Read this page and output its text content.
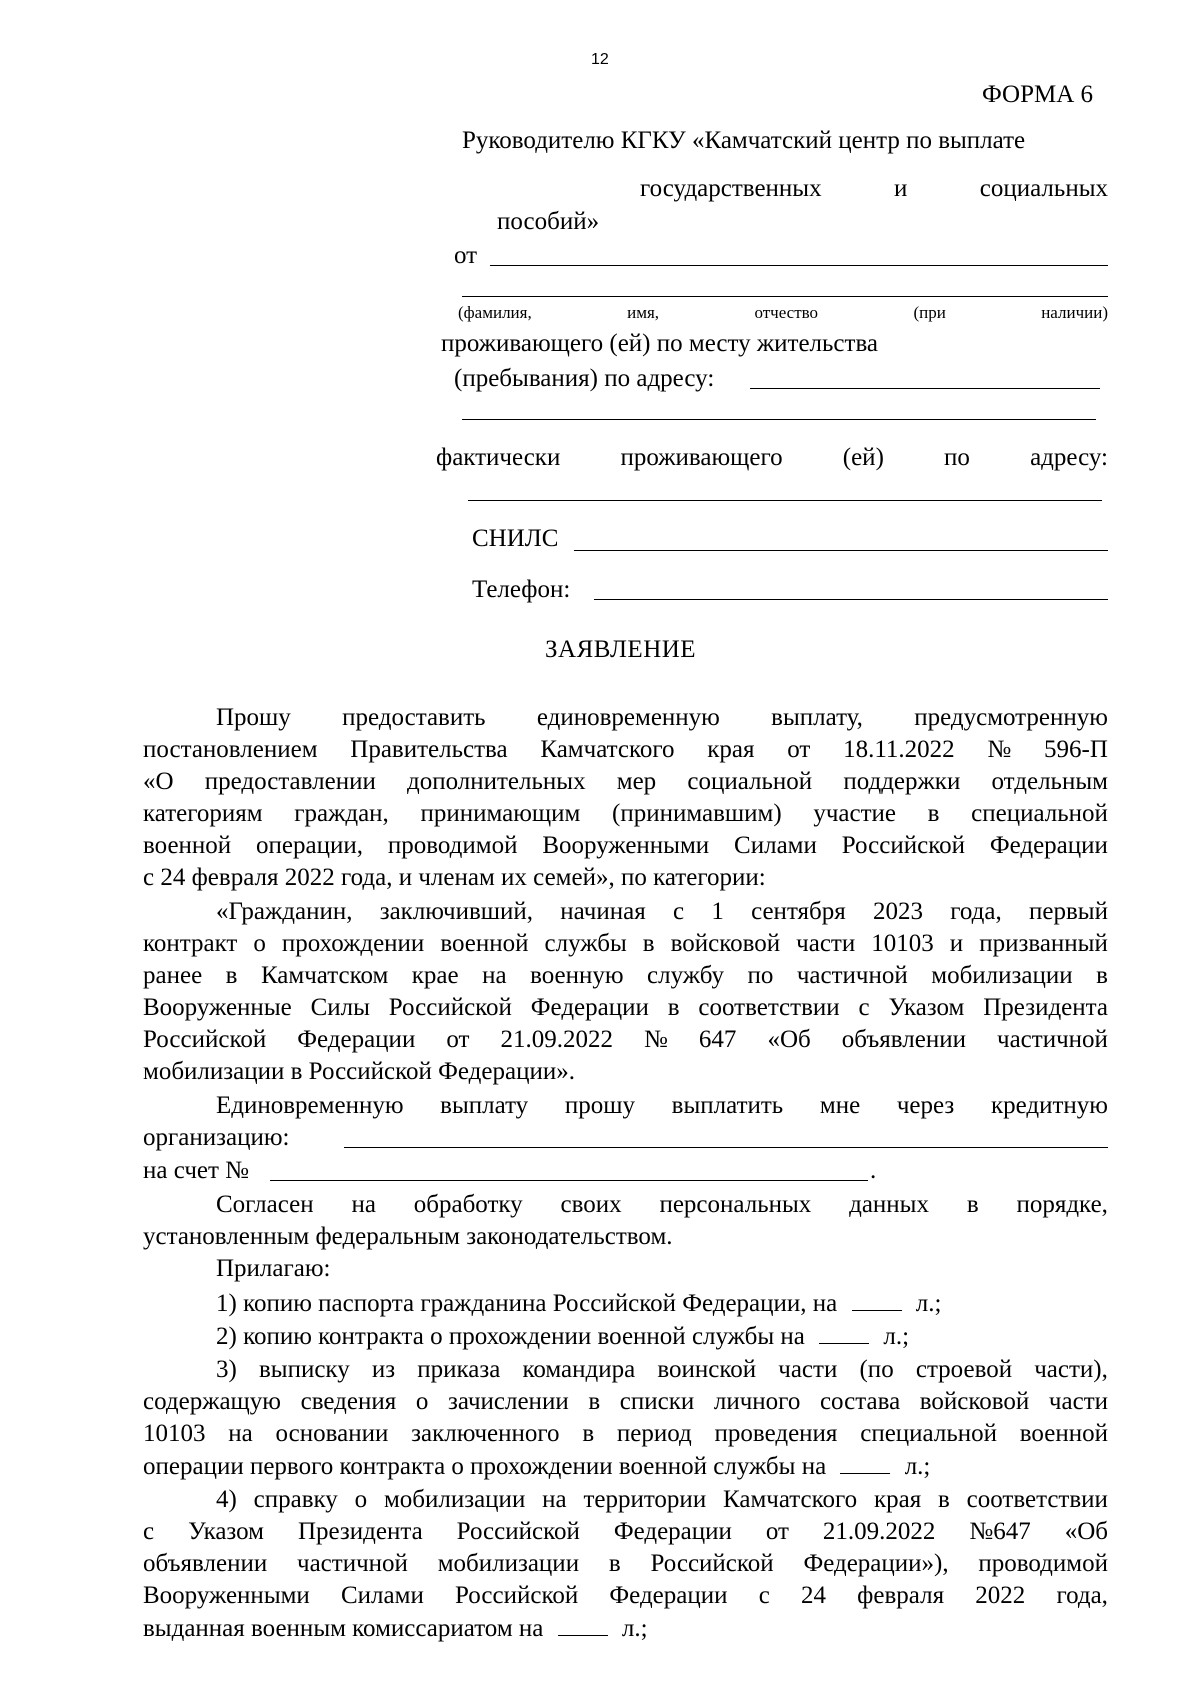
12
ФОРМА 6
Руководителю КГКУ «Камчатский центр по выплате
государственных	и	социальных
пособий»
от
(фамилия,	имя,	отчество	(при	наличии)
проживающего (ей) по месту жительства
(пребывания) по адресу:
фактически проживающего (ей) по адресу:
СНИЛС
Телефон:
ЗАЯВЛЕНИЕ
Прошу предоставить единовременную выплату, предусмотренную
постановлением Правительства Камчатского края от 18.11.2022 № 596-П
«О предоставлении дополнительных мер социальной поддержки отдельным
категориям граждан, принимающим (принимавшим) участие в специальной
военной операции, проводимой Вооруженными Силами Российской Федерации
с 24 февраля 2022 года, и членам их семей», по категории:
«Гражданин, заключивший, начиная с 1 сентября 2023 года, первый
контракт о прохождении военной службы в войсковой части 10103 и призванный
ранее в Камчатском крае на военную службу по частичной мобилизации в
Вооруженные Силы Российской Федерации в соответствии с Указом Президента
Российской Федерации от 21.09.2022 № 647 «Об объявлении частичной
мобилизации в Российской Федерации».
Единовременную выплату прошу выплатить мне через кредитную
организацию:
на счет №	.
Согласен на обработку своих персональных данных в порядке,
установленным федеральным законодательством.
Прилагаю:
1) копию паспорта гражданина Российской Федерации, на	л.;
2) копию контракта о прохождении военной службы на	л.;
3) выписку из приказа командира воинской части (по строевой части),
содержащую сведения о зачислении в списки личного состава войсковой части
10103 на основании заключенного в период проведения специальной военной
операции первого контракта о прохождении военной службы на	л.;
4) справку о мобилизации на территории Камчатского края в соответствии
с Указом Президента Российской Федерации от 21.09.2022 №647 «Об
объявлении частичной мобилизации в Российской Федерации»), проводимой
Вооруженными Силами Российской Федерации с 24 февраля 2022 года,
выданная военным комиссариатом на	л.;
